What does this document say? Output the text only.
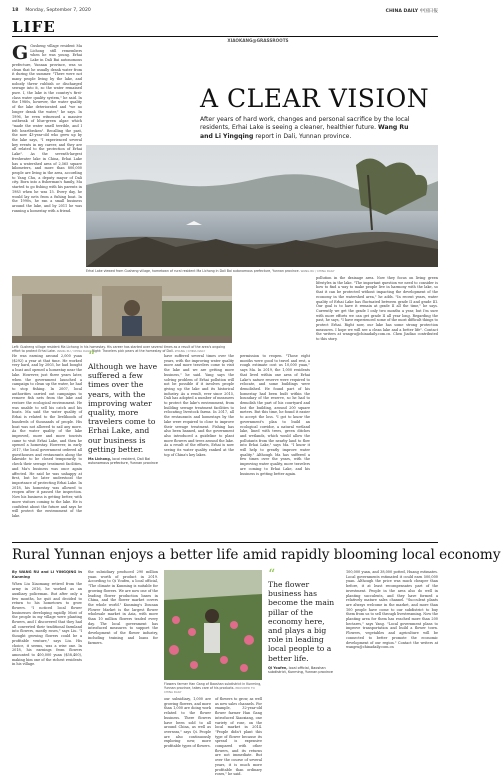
18 Monday, September 7, 2020	CHINA DAILY 中国日报
LIFE
XIAOKANG@GRASSROOTS
G Gusheng village resident Ma Lichong still remembers when he was young. Erhai Lake in Dali Bai autonomous prefecture, Yunnan province, was so clean that he usually drank water from it during the summer. "There were not many people living by the lake, and nobody threw rubbish or discharged sewage into it, so the water remained pure. I, the lake is the country's first-class water quality system," he said. In the 1980s, however, the water quality of the lake deteriorated and "we no longer drank the water," he says. In 1996, he even witnessed a massive outbreak of blue-green algae which "made the water smell terrible, and I felt heartbroken". Recalling the past, the now 43-year-old who grew up by the lake says, "I experienced several key events in my career, and they are all related to the protection of Erhai Lake". As the seventh-largest freshwater lake in China, Erhai Lake has a watershed area of 2,565 square kilometers, and more than 800,000 people are living in the area, according to Yang Chu, a deputy mayor of Dali city. Born into a fisherman's family, Ma started to go fishing with his parents in 1983 when he was 15. Every day, he would lay nets from a fishing boat. In the 1990s, he ran a small business around the lake, and by 2011 he was running a homestay with a friend.
A CLEAR VISION
After years of hard work, changes and personal sacrifice by the local residents, Erhai Lake is seeing a cleaner, healthier future. Wang Ru and Li Yingqing report in Dali, Yunnan province.
Erhai Lake viewed from Gusheng village, hometown of rural resident Ma Lichong in Dali Bai autonomous prefecture, Yunnan province. WANG RU / CHINA DAILY
Left: Gusheng village resident Ma Lichong in his homestay. His career has started over several times as a result of the area's ongoing effort to protect Erhai Lake. WANG RU / CHINA DAILY Right: Travelers pick pears at the homestay of Dali. ZHANG / CHINA DAILY
He was earning around 2,000 yuan ($292) a year at that time. He worked very hard, and by 2003, he had bought a boat and opened a homestay near the lake. However, just three years later, when the government launched a campaign to clean up the water, he had to stop fishing. In 2007, local authorities carried out campaigns to remove fish nets from the lake and restore the ecological environment. He was unable to sell his catch and his boats. Ma said the water quality of Erhai is related to the livelihoods of hundreds of thousands of people. His boat was not allowed to sail any more. As the water quality of the lake improved, more and more tourists came to visit Erhai Lake, and then he opened a homestay. However, in early 2017, the local government ordered all guesthouses and restaurants along the lakeside to be closed temporarily to check their sewage treatment facilities, and Ma's business was once again affected. He said he was unhappy at first, but he later understood the importance of protecting Erhai Lake. In 2018, his homestay was allowed to reopen after it passed the inspection. Now his business is getting better, with more visitors coming to the lake. He is confident about the future and says he will protect the environment of the lake.
“
Although we have suffered a few times over the years, with the improving water quality, more travelers come to Erhai Lake, and our business is getting better.
Ma Lichong, local resident, Dali Bai autonomous prefecture, Yunnan province
have suffered several times over the years, with the improving water quality more and more travelers come to visit the lake and we are getting more business," he said. Yang says the solving problem of Erhai pollution will not be possible if it involves people giving up the lake and its historical industry. As a result, ever since 2015, Dali has adopted a number of measures to protect the lake's environment, from building sewage treatment facilities to relocating livestock farms. In 2017, all the restaurants and homestays by the lake were required to close to improve their sewage treatment. Fishing has also been banned, and the government also introduced a guideline to plant more flowers and trees around the lake. As a result of the efforts, Erhai is now seeing its water quality ranked at the top of China's key lakes.
permission to reopen. "Those eight months were good to travel and rest, a rough estimate cost us 10,000 yuan," says Ma. In 2019, the 1,000 residents that lived within one area of Erhai Lake's nature reserve were required to relocate, and some buildings were demolished. He found part of his homestay had been built within the boundary of the reserve, so he had to demolish the part of his courtyard and lost the building, around 200 square meters. But this time, he found it easier to accept the loss. "I got to know the government's plan to build an ecological corridor, a natural wetland lake, lined with trees, green ditches and wetlands, which would allow the pollutants from the nearby land to flow into Erhai Lake," says Ma. "I know it will help to greatly improve water quality." Although Ma has suffered a few times over the years, with the improving water quality, more travelers are coming to Erhai Lake, and his business is getting better again.
pollution in the drainage area. Now they focus on living green lifestyles in the lake. "The important question we need to consider is how to find a way to make people live in harmony with the lake, so that it can be protected without impacting the development of the economy in the watershed area," he adds. "In recent years, water quality of Erhai Lake has fluctuated between grade II and grade III. Our goal is to have it remain at grade II all the time," he says. Currently we get the grade I only two months a year, but I'm sure with more efforts we can get grade II all year long. Regarding the past, he says, "I have experienced some of the most difficult things to protect Erhai. Right now, our lake has some strong protection measures. I hope we will see a clean lake and a better life". Contact the writers at wangru@chinadaily.com.cn. Chen Jiadiao contributed to this story.
Rural Yunnan enjoys a better life amid rapidly blooming local economy
By WANG RU and LI YINGQING in Kunming
When Liu Xiaomang retired from the army in 2016, he worked as an auxiliary policeman. But after only a few months, he quit and decided to return to his hometown to grow flowers. "I noticed local flower businesses developing rapidly. Most of the people in my village were planting flowers, and I discovered that they had all converted their traditional farmland into flowers, mostly roses," says Liu. "I thought growing flowers could be a profitable venture," says Liu. His choice, it seems, was a wise one. In 2018, his earnings from flowers amounted to 400,000 yuan ($58,400), making him one of the richest residents in his village.
the subsidiary produced 290 million yuan worth of product in 2019. According to Qi Youfen, a local official, "The climate in Kunming is suitable for growing flowers. We are now one of the leading flower production bases in China, and the flower market covers the whole world." Kunming's Dounan Flower Market is the largest flower wholesale market in Asia, with more than 10 million flowers traded every day. The local government has introduced measures to support the development of the flower industry, including training and loans for farmers.
Flowers farmer Han Gang of Baoshan subdistrict in Kunming, Yunnan province, takes care of his products. PROVIDED TO CHINA DAILY
our subsidiary, 1,000 are growing flowers, and more than 1,000 are doing work related to the flower business. There flowers have been sold to all around China, as well as overseas," says Qi. People are also continuously exploring new, more profitable types of flowers.
of flowers to grow, as well as new sales channels. For example, 32-year-old flower farmer Han Gang introduced Xiaoxiang, one variety of rose, on the local market in 2014. "People didn't plant this type of flower because its spread is expensive compared with other flowers, and its returns are not immediate. But over the course of several years, it is much more profitable than ordinary roses," he said.
“
The flower business has become the main pillar of the economy here, and plays a big role in leading local people to a better life.
Qi Youfen, local official, Baoshan subdistrict, Kunming, Yunnan province
100,000 yuan, and 38,000 potted, Huang estimates. Local governments estimated it could earn 500,000 yuan. Although the price was much cheaper than before, it at least recompensates part of the investment. People in the area also do well in planting succulents, and they have formed a relatively mature sales channel. "Succulent plants are always welcome in the market, and more than 100 people have come to our subdistrict to buy them from us to sell through livestreaming. Now the planting area for them has reached more than 200 hectares," says Yang. "Local government plans to improve transportation and build a flower town. Flowers, vegetables and agriculture will be connected to better promote the economic development of our region." Contact the writers at wangru@chinadaily.com.cn
